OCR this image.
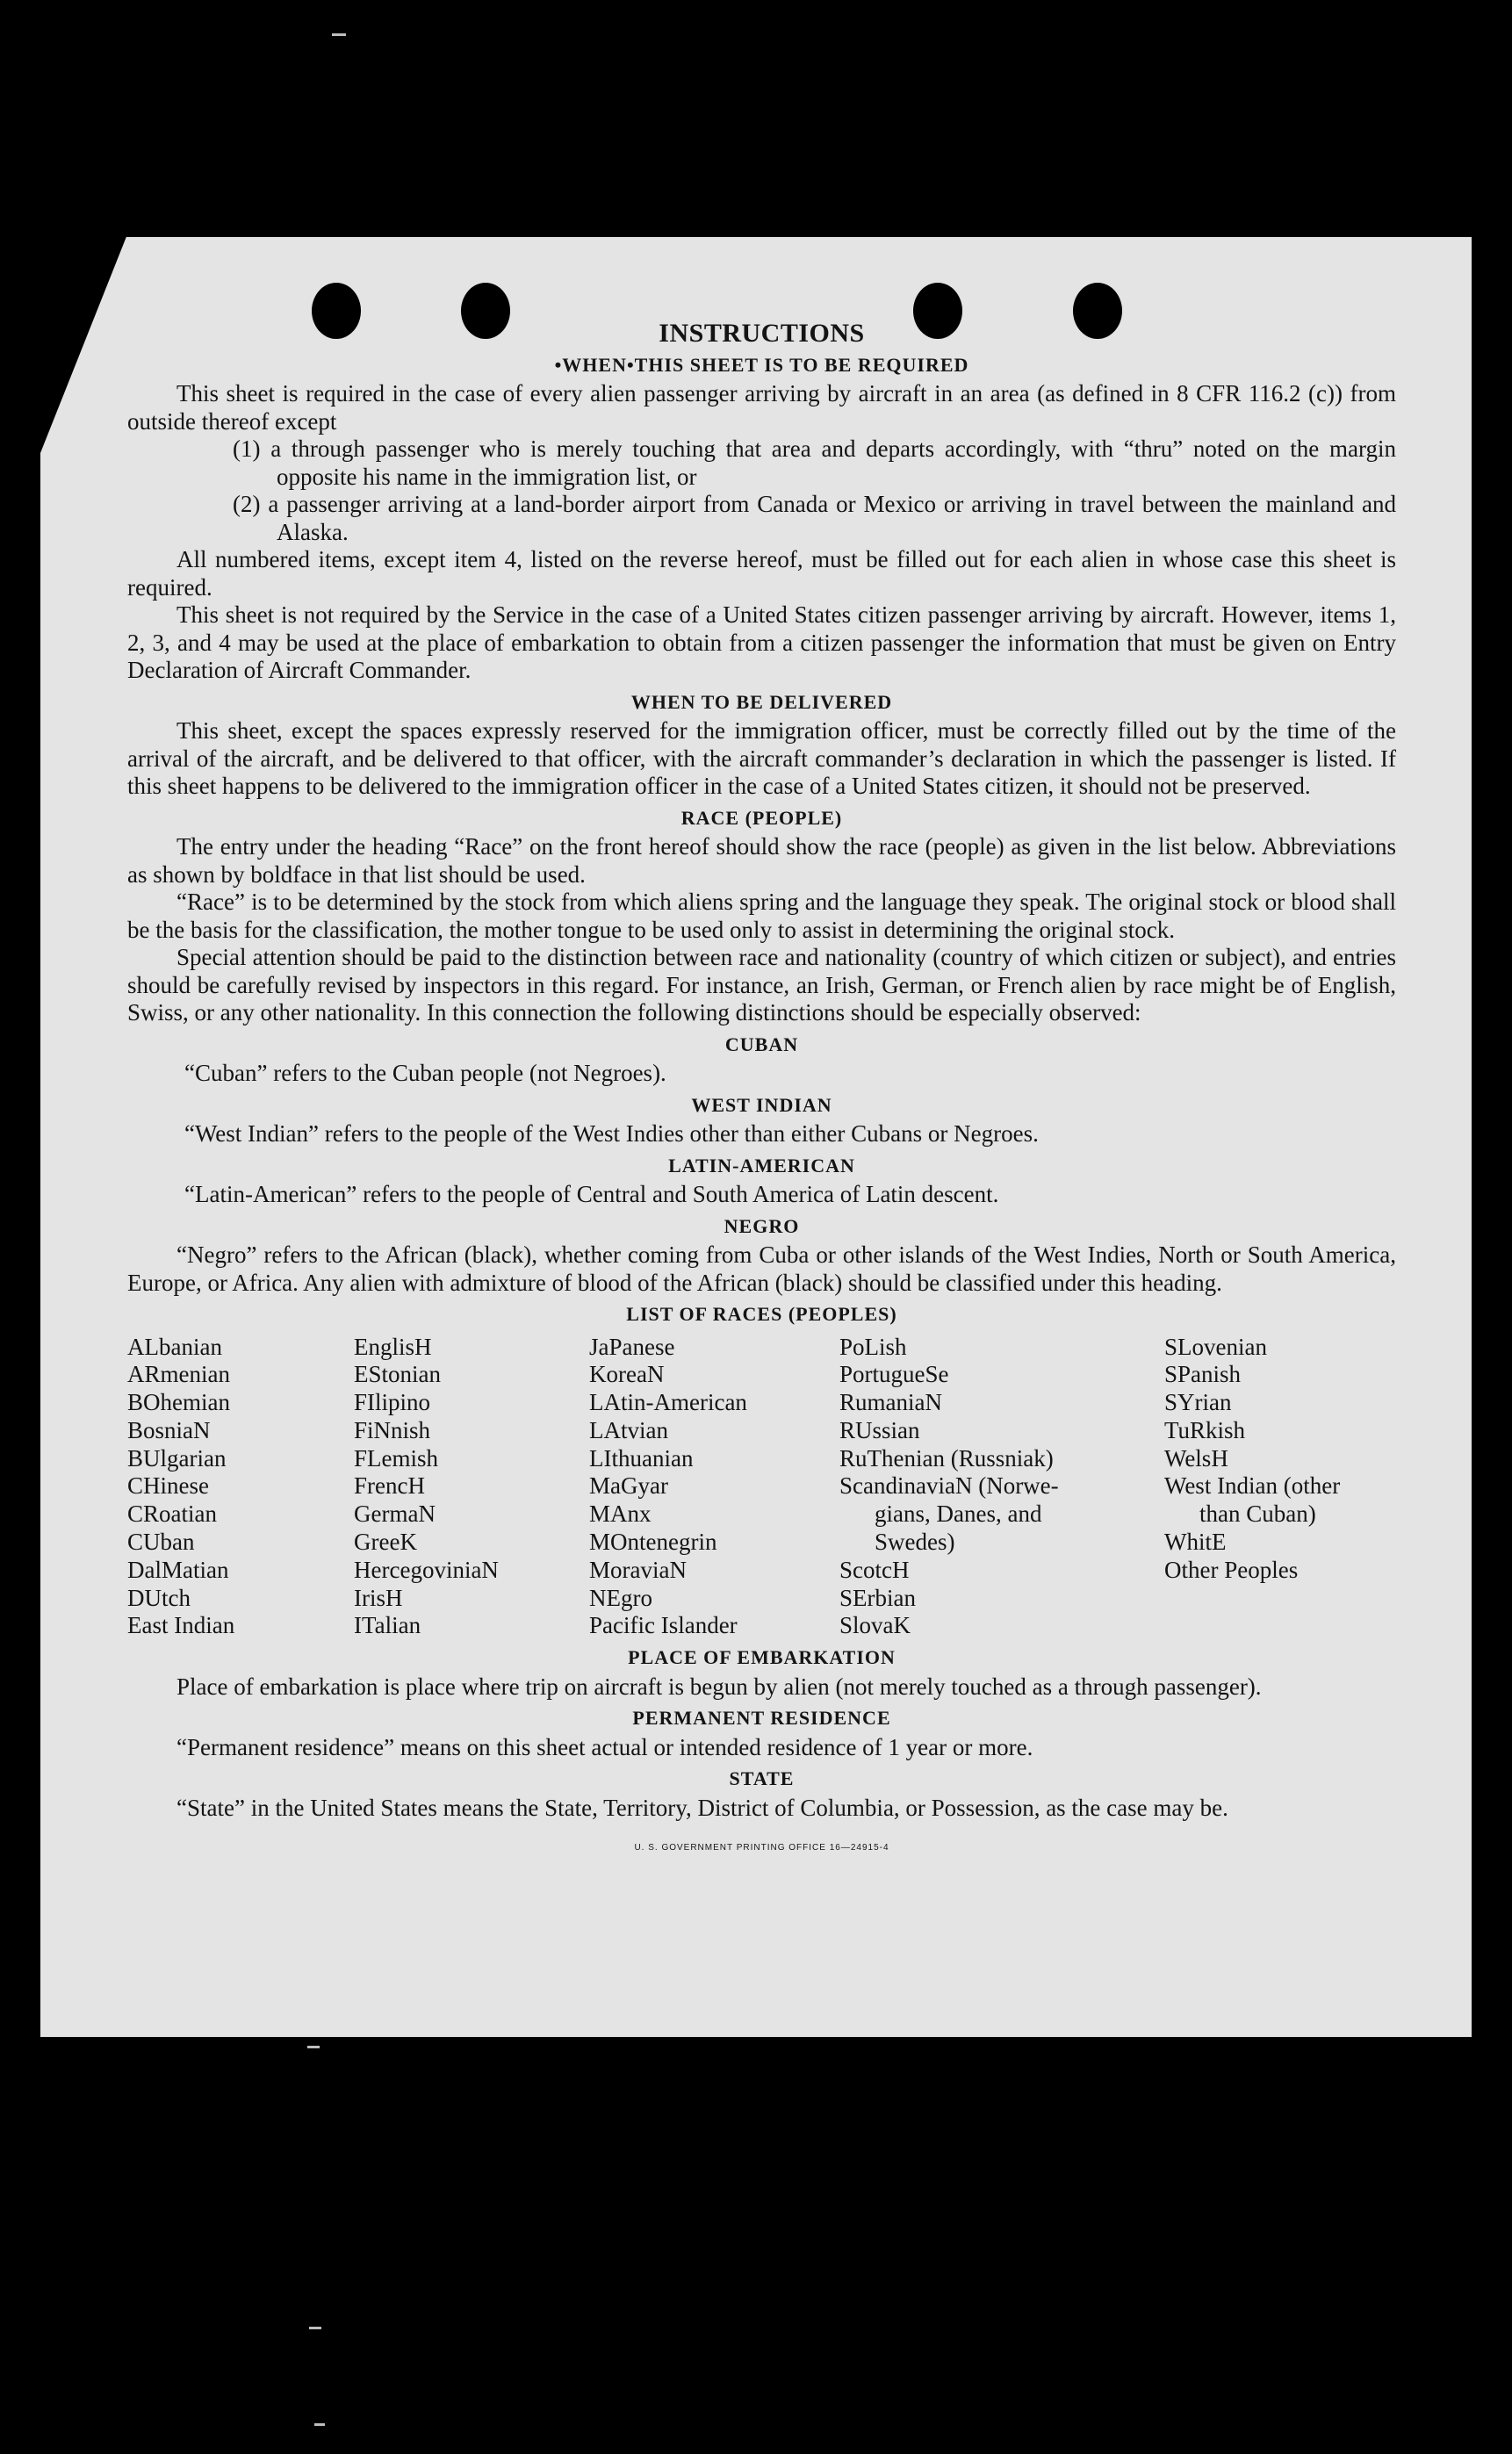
INSTRUCTIONS
•WHEN•THIS SHEET IS TO BE REQUIRED

This sheet is required in the case of every alien passenger arriving by aircraft in an area (as defined in 8 CFR 116.2 (c)) from outside thereof except

(1) a through passenger who is merely touching that area and departs accordingly, with “thru” noted on the margin opposite his name in the immigration list, or

(2) a passenger arriving at a land-border airport from Canada or Mexico or arriving in travel between the mainland and Alaska.

All numbered items, except item 4, listed on the reverse hereof, must be filled out for each alien in whose case this sheet is required.

This sheet is not required by the Service in the case of a United States citizen passenger arriving by aircraft. However, items 1, 2, 3, and 4 may be used at the place of embarkation to obtain from a citizen passenger the information that must be given on Entry Declaration of Aircraft Commander.

WHEN TO BE DELIVERED

This sheet, except the spaces expressly reserved for the immigration officer, must be correctly filled out by the time of the arrival of the aircraft, and be delivered to that officer, with the aircraft commander’s declaration in which the passenger is listed. If this sheet happens to be delivered to the immigration officer in the case of a United States citizen, it should not be preserved.

RACE (PEOPLE)

The entry under the heading “Race” on the front hereof should show the race (people) as given in the list below. Abbreviations as shown by boldface in that list should be used.

“Race” is to be determined by the stock from which aliens spring and the language they speak. The original stock or blood shall be the basis for the classification, the mother tongue to be used only to assist in determining the original stock.

Special attention should be paid to the distinction between race and nationality (country of which citizen or subject), and entries should be carefully revised by inspectors in this regard. For instance, an Irish, German, or French alien by race might be of English, Swiss, or any other nationality. In this connection the following distinctions should be especially observed:

CUBAN

“Cuban” refers to the Cuban people (not Negroes).

WEST INDIAN

“West Indian” refers to the people of the West Indies other than either Cubans or Negroes.

LATIN-AMERICAN

“Latin-American” refers to the people of Central and South America of Latin descent.

NEGRO

“Negro” refers to the African (black), whether coming from Cuba or other islands of the West Indies, North or South America, Europe, or Africa. Any alien with admixture of blood of the African (black) should be classified under this heading.

LIST OF RACES (PEOPLES)
ALbanian
ARmenian
BOhemian
BosniaN
BUlgarian
CHinese
CRoatian
CUban
DalMatian
DUtch
East Indian
EnglisH
EStonian
FIlipino
FiNnish
FLemish
FrencH
GermaN
GreeK
HercegoviniaN
IrisH
ITalian
JaPanese
KoreaN
LAtin-American
LAtvian
LIthuanian
MaGyar
MAnx
MOntenegrin
MoraviaN
NEgro
Pacific Islander
PoLish
PortugueSe
RumaniaN
RUssian
RuThenian (Russniak)
ScandinaviaN (Norwe-
gians, Danes, and
Swedes)
ScotcH
SErbian
SlovaK
SLovenian
SPanish
SYrian
TuRkish
WelsH
West Indian (other
than Cuban)
WhitE
Other Peoples
PLACE OF EMBARKATION

Place of embarkation is place where trip on aircraft is begun by alien (not merely touched as a through passenger).

PERMANENT RESIDENCE

“Permanent residence” means on this sheet actual or intended residence of 1 year or more.

STATE

“State” in the United States means the State, Territory, District of Columbia, or Possession, as the case may be.

U. S. GOVERNMENT PRINTING OFFICE 16—24915-4
